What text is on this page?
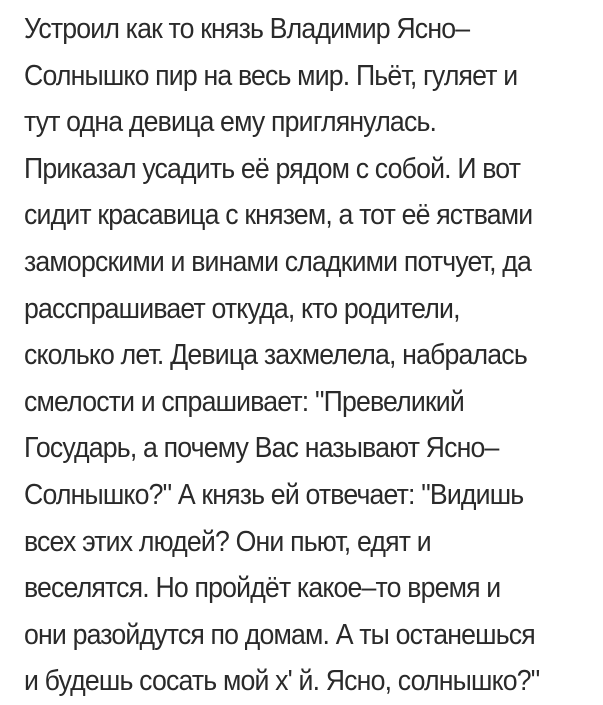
Устроил как то князь Владимир Ясно–
Солнышко пир на весь мир. Пьёт, гуляет и
тут одна девица ему приглянулась.
Приказал усадить её рядом с собой. И вот
сидит красавица с князем, а тот её яствами
заморскими и винами сладкими потчует, да
расспрашивает откуда, кто родители,
сколько лет. Девица захмелела, набралась
смелости и спрашивает: "Превеликий
Государь, а почему Вас называют Ясно–
Солнышко?" А князь ей отвечает: "Видишь
всех этих людей? Они пьют, едят и
веселятся. Но пройдёт какое–то время и
они разойдутся по домам. А ты останешься
и будешь сосать мой х' й. Ясно, солнышко?"
